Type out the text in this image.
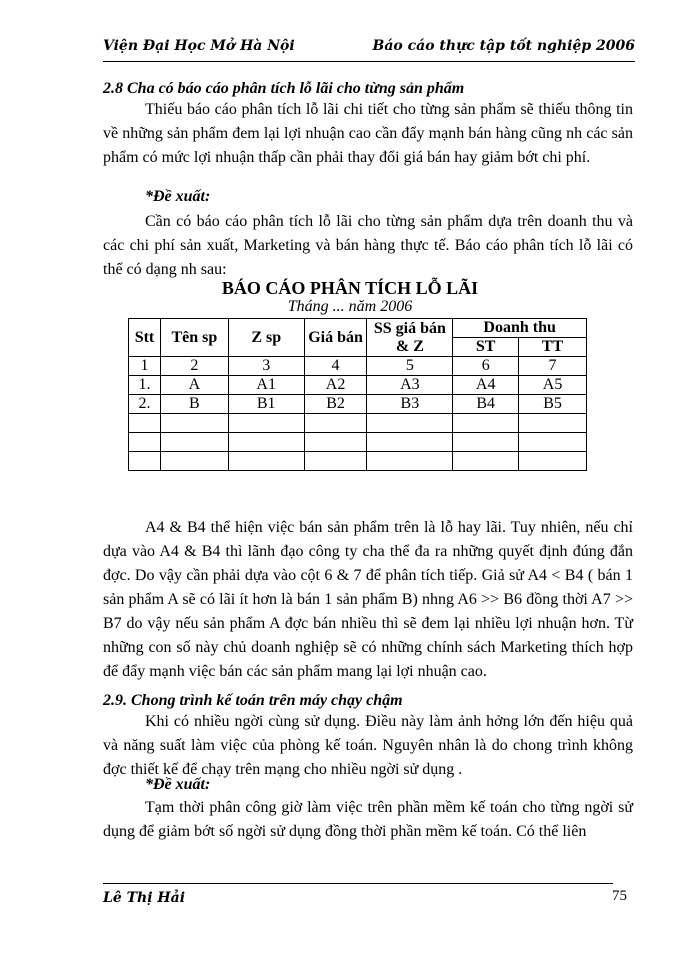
Viện Đại Học Mở Hà Nội	Báo cáo thực tập tốt nghiệp 2006
2.8 Cha có báo cáo phân tích lỗ lãi cho từng sản phẩm
Thiếu báo cáo phân tích lỗ lãi chi tiết cho từng sản phẩm sẽ thiếu thông tin về những sản phẩm đem lại lợi nhuận cao cần đẩy mạnh bán hàng cũng nh các sản phẩm có mức lợi nhuận thấp cần phải thay đổi giá bán hay giảm bớt chi phí.
*Đề xuất:
Cần có báo cáo phân tích lỗ lãi cho từng sản phẩm dựa trên doanh thu và các chi phí sản xuất, Marketing và bán hàng thực tế. Báo cáo phân tích lỗ lãi có thể có dạng nh sau:
BÁO CÁO PHÂN TÍCH LỖ LÃI
Tháng ... năm 2006
Stt	Tên sp	Z sp	Giá bán	SS giá bán & Z	Doanh thu	
					ST	TT
1	2	3	4	5	6	7
1.	A	A1	A2	A3	A4	A5
2.	B	B1	B2	B3	B4	B5

A4 & B4 thể hiện việc bán sản phẩm trên là lỗ hay lãi. Tuy nhiên, nếu chỉ dựa vào A4 & B4 thì lãnh đạo công ty cha thể đa ra những quyết định đúng đắn đợc. Do vậy cần phải dựa vào cột 6 & 7 để phân tích tiếp. Giả sử A4 < B4 ( bán 1 sản phẩm A sẽ có lãi ít hơn là bán 1 sản phẩm B) nhng A6 >> B6 đồng thời A7 >> B7 do vậy nếu sản phẩm A đợc bán nhiều thì sẽ đem lại nhiều lợi nhuận hơn. Từ những con số này chủ doanh nghiệp sẽ có những chính sách Marketing thích hợp để đẩy mạnh việc bán các sản phẩm mang lại lợi nhuận cao.
2.9. Chong trình kế toán trên máy chạy chậm
Khi có nhiều ngời cùng sử dụng. Điều này làm ảnh hởng lớn đến hiệu quả và năng suất làm việc của phòng kế toán. Nguyên nhân là do chong trình không đợc thiết kế để chạy trên mạng cho nhiều ngời sử dụng .
*Đề xuất:
Tạm thời phân công giờ làm việc trên phần mềm kế toán cho từng ngời sử dụng để giảm bớt số ngời sử dụng đồng thời phần mềm kế toán. Có thể liên
Lê Thị Hải	75
